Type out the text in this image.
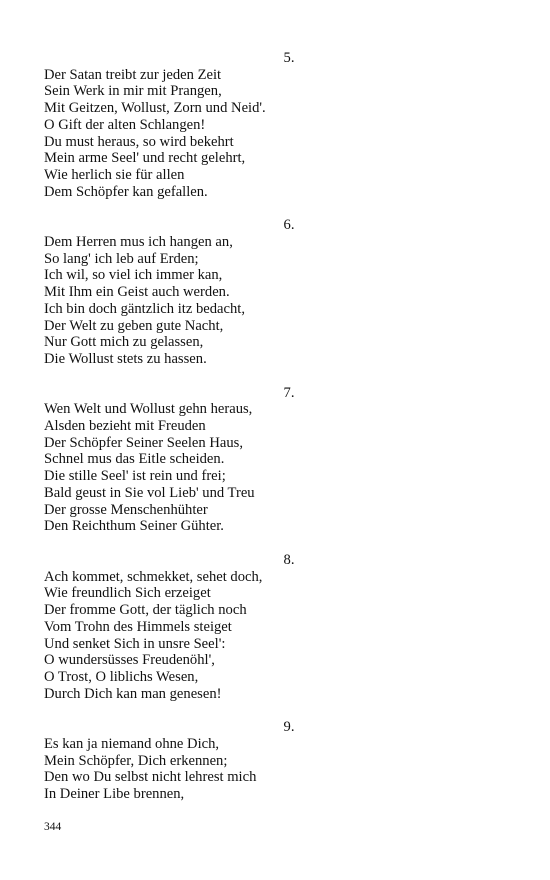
5.
Der Satan treibt zur jeden Zeit
Sein Werk in mir mit Prangen,
Mit Geitzen, Wollust, Zorn und Neid'.
O Gift der alten Schlangen!
Du must heraus, so wird bekehrt
Mein arme Seel' und recht gelehrt,
Wie herlich sie für allen
Dem Schöpfer kan gefallen.
6.
Dem Herren mus ich hangen an,
So lang' ich leb auf Erden;
Ich wil, so viel ich immer kan,
Mit Ihm ein Geist auch werden.
Ich bin doch gäntzlich itz bedacht,
Der Welt zu geben gute Nacht,
Nur Gott mich zu gelassen,
Die Wollust stets zu hassen.
7.
Wen Welt und Wollust gehn heraus,
Alsden bezieht mit Freuden
Der Schöpfer Seiner Seelen Haus,
Schnel mus das Eitle scheiden.
Die stille Seel' ist rein und frei;
Bald geust in Sie vol Lieb' und Treu
Der grosse Menschenhühter
Den Reichthum Seiner Gühter.
8.
Ach kommet, schmekket, sehet doch,
Wie freundlich Sich erzeiget
Der fromme Gott, der täglich noch
Vom Trohn des Himmels steiget
Und senket Sich in unsre Seel':
O wundersüsses Freudenöhl',
O Trost, O liblichs Wesen,
Durch Dich kan man genesen!
9.
Es kan ja niemand ohne Dich,
Mein Schöpfer, Dich erkennen;
Den wo Du selbst nicht lehrest mich
In Deiner Libe brennen,
344
